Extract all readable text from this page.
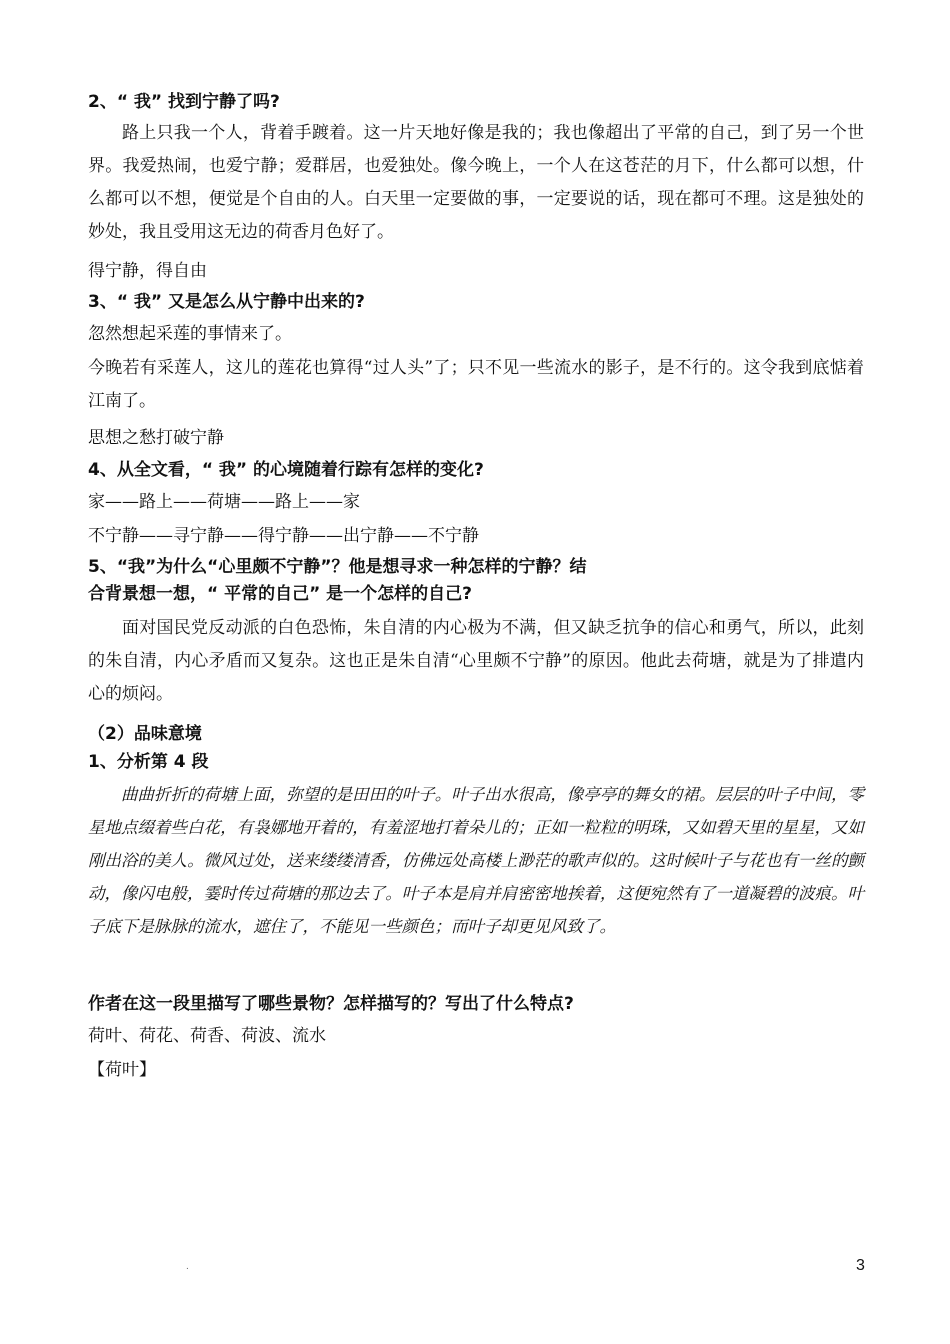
2、“ 我” 找到宁静了吗?
路上只我一个人，背着手踱着。这一片天地好像是我的；我也像超出了平常的自己，到了另一个世界。我爱热闹，也爱宁静；爱群居，也爱独处。像今晚上，一个人在这苍茫的月下，什么都可以想，什么都可以不想，便觉是个自由的人。白天里一定要做的事，一定要说的话，现在都可不理。这是独处的妙处，我且受用这无边的荷香月色好了。
得宁静，得自由
3、“ 我” 又是怎么从宁静中出来的?
忽然想起采莲的事情来了。
今晚若有采莲人，这儿的莲花也算得“过人头”了；只不见一些流水的影子，是不行的。这令我到底惦着江南了。
思想之愁打破宁静
4、从全文看，“ 我” 的心境随着行踪有怎样的变化?
家——路上——荷塘——路上——家
不宁静——寻宁静——得宁静——出宁静——不宁静
5、“我”为什么“心里颇不宁静”？他是想寻求一种怎样的宁静？结
合背景想一想，“ 平常的自己” 是一个怎样的自己?
面对国民党反动派的白色恐怖，朱自清的内心极为不满，但又缺乏抗争的信心和勇气，所以，此刻的朱自清，内心矛盾而又复杂。这也正是朱自清“心里颇不宁静”的原因。他此去荷塘，就是为了排遣内心的烦闷。
（2）品味意境
1、分析第 4 段
曲曲折折的荷塘上面，弥望的是田田的叶子。叶子出水很高，像亭亭的舞女的裙。层层的叶子中间，零星地点缀着些白花，有袅娜地开着的，有羞涩地打着朵儿的；正如一粒粒的明珠，又如碧天里的星星，又如刚出浴的美人。微风过处，送来缕缕清香，仿佛远处高楼上渺茫的歌声似的。这时候叶子与花也有一丝的颤动，像闪电般，霎时传过荷塘的那边去了。叶子本是肩并肩密密地挨着，这便宛然有了一道凝碧的波痕。叶子底下是脉脉的流水，遮住了，不能见一些颜色；而叶子却更见风致了。
作者在这一段里描写了哪些景物？怎样描写的？写出了什么特点?
荷叶、荷花、荷香、荷波、流水
【荷叶】
.	3
